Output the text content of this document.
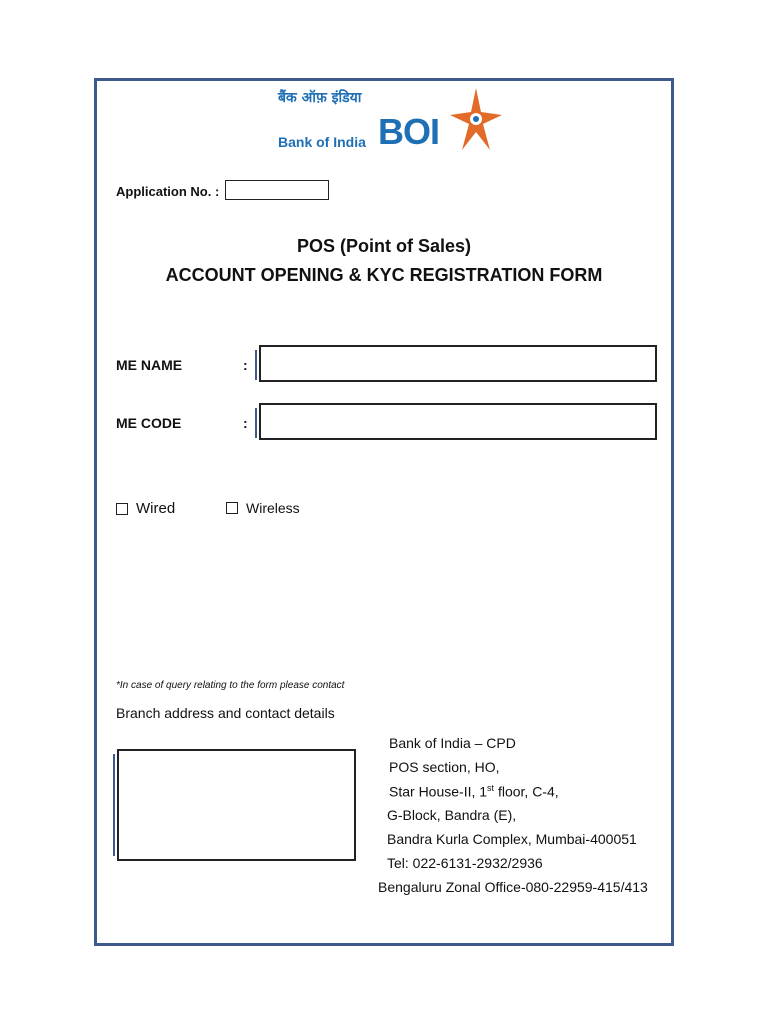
बैंक ऑफ़ इंडिया
Bank of India BOI
Application No. :
POS (Point of Sales)
ACCOUNT OPENING & KYC REGISTRATION FORM
ME NAME	:
ME CODE	:
Wired	Wireless
*In case of query relating to the form please contact
Branch address and contact details
Bank of India – CPD
POS section, HO,
Star House-II, 1st floor, C-4,
G-Block, Bandra (E),
Bandra Kurla Complex, Mumbai-400051
Tel: 022-6131-2932/2936
Bengaluru Zonal Office-080-22959-415/413
